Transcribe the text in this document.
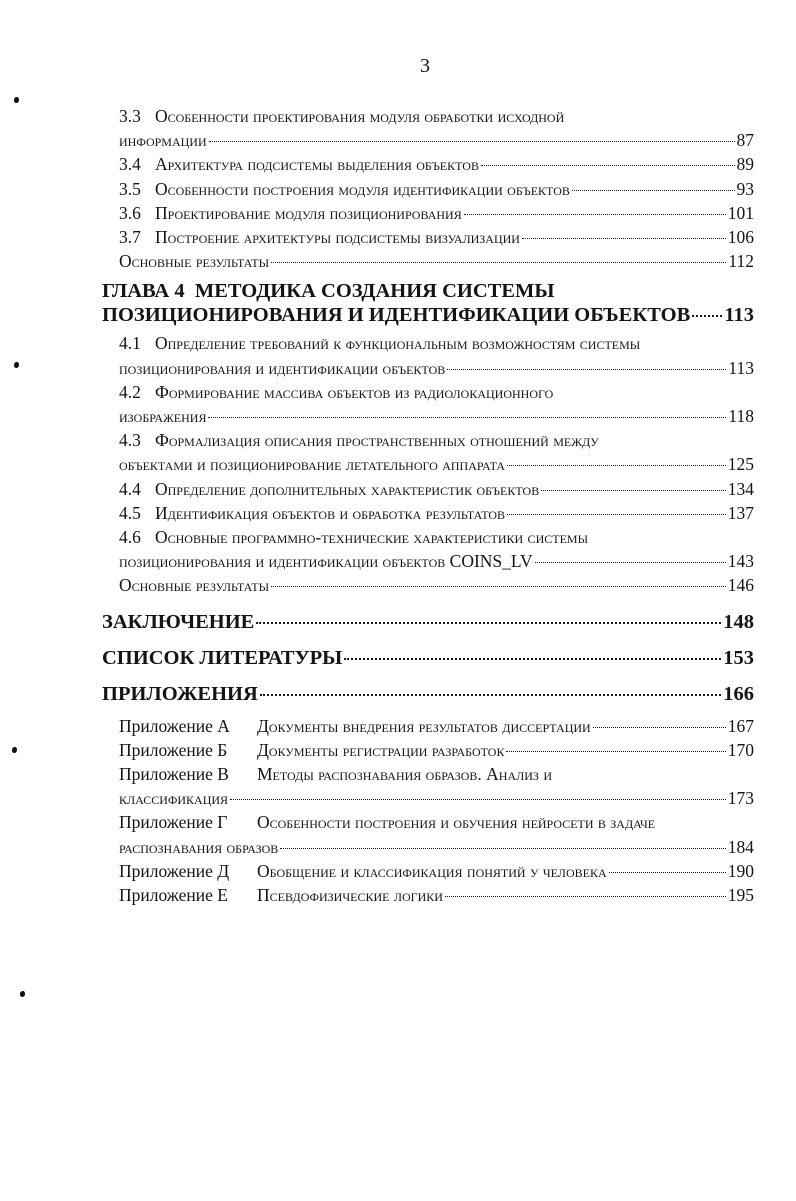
3
3.3 Особенности проектирования модуля обработки исходной
информации	87
3.4 Архитектура подсистемы выделения объектов	89
3.5 Особенности построения модуля идентификации объектов	93
3.6 Проектирование модуля позиционирования	101
3.7 Построение архитектуры подсистемы визуализации	106
Основные результаты	112
ГЛАВА 4 МЕТОДИКА СОЗДАНИЯ СИСТЕМЫ
ПОЗИЦИОНИРОВАНИЯ И ИДЕНТИФИКАЦИИ ОБЪЕКТОВ 113
4.1 Определение требований к функциональным возможностям системы
позиционирования и идентификации объектов	113
4.2 Формирование массива объектов из радиолокационного
изображения	118
4.3 Формализация описания пространственных отношений между
объектами и позиционирование летательного аппарата	125
4.4 Определение дополнительных характеристик объектов	134
4.5 Идентификация объектов и обработка результатов	137
4.6 Основные программно-технические характеристики системы
позиционирования и идентификации объектов COINS_LV	143
Основные результаты	146
ЗАКЛЮЧЕНИЕ	148
СПИСОК ЛИТЕРАТУРЫ	153
ПРИЛОЖЕНИЯ	166
Приложение А Документы внедрения результатов диссертации	167
Приложение Б Документы регистрации разработок	170
Приложение В Методы распознавания образов. Анализ и
классификация	173
Приложение Г Особенности построения и обучения нейросети в задаче
распознавания образов	184
Приложение Д Обобщение и классификация понятий у человека	190
Приложение Е Псевдофизические логики	195
